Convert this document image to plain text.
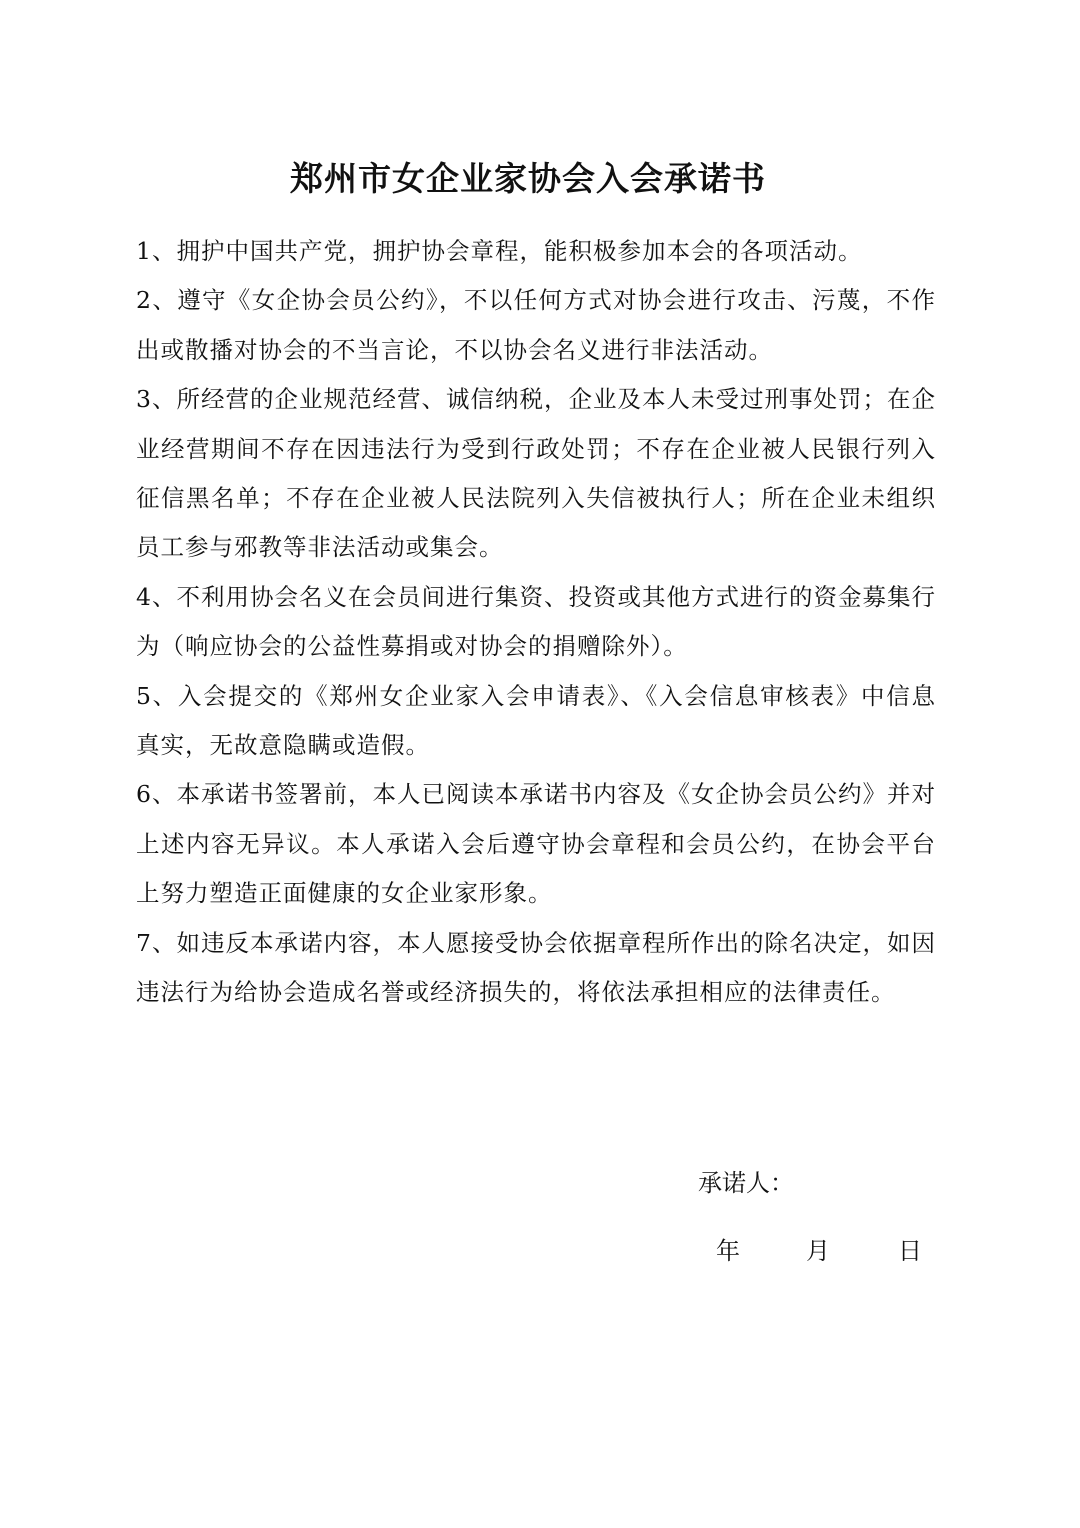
郑州市女企业家协会入会承诺书

1、拥护中国共产党，拥护协会章程，能积极参加本会的各项活动。

2、遵守《女企协会员公约》，不以任何方式对协会进行攻击、污蔑，不作出或散播对协会的不当言论，不以协会名义进行非法活动。

3、所经营的企业规范经营、诚信纳税，企业及本人未受过刑事处罚；在企业经营期间不存在因违法行为受到行政处罚；不存在企业被人民银行列入征信黑名单；不存在企业被人民法院列入失信被执行人；所在企业未组织员工参与邪教等非法活动或集会。

4、不利用协会名义在会员间进行集资、投资或其他方式进行的资金募集行为（响应协会的公益性募捐或对协会的捐赠除外）。

5、入会提交的《郑州女企业家入会申请表》、《入会信息审核表》中信息真实，无故意隐瞒或造假。

6、本承诺书签署前，本人已阅读本承诺书内容及《女企协会员公约》并对上述内容无异议。本人承诺入会后遵守协会章程和会员公约，在协会平台上努力塑造正面健康的女企业家形象。

7、如违反本承诺内容，本人愿接受协会依据章程所作出的除名决定，如因违法行为给协会造成名誉或经济损失的，将依法承担相应的法律责任。

承诺人：
年	月	日
